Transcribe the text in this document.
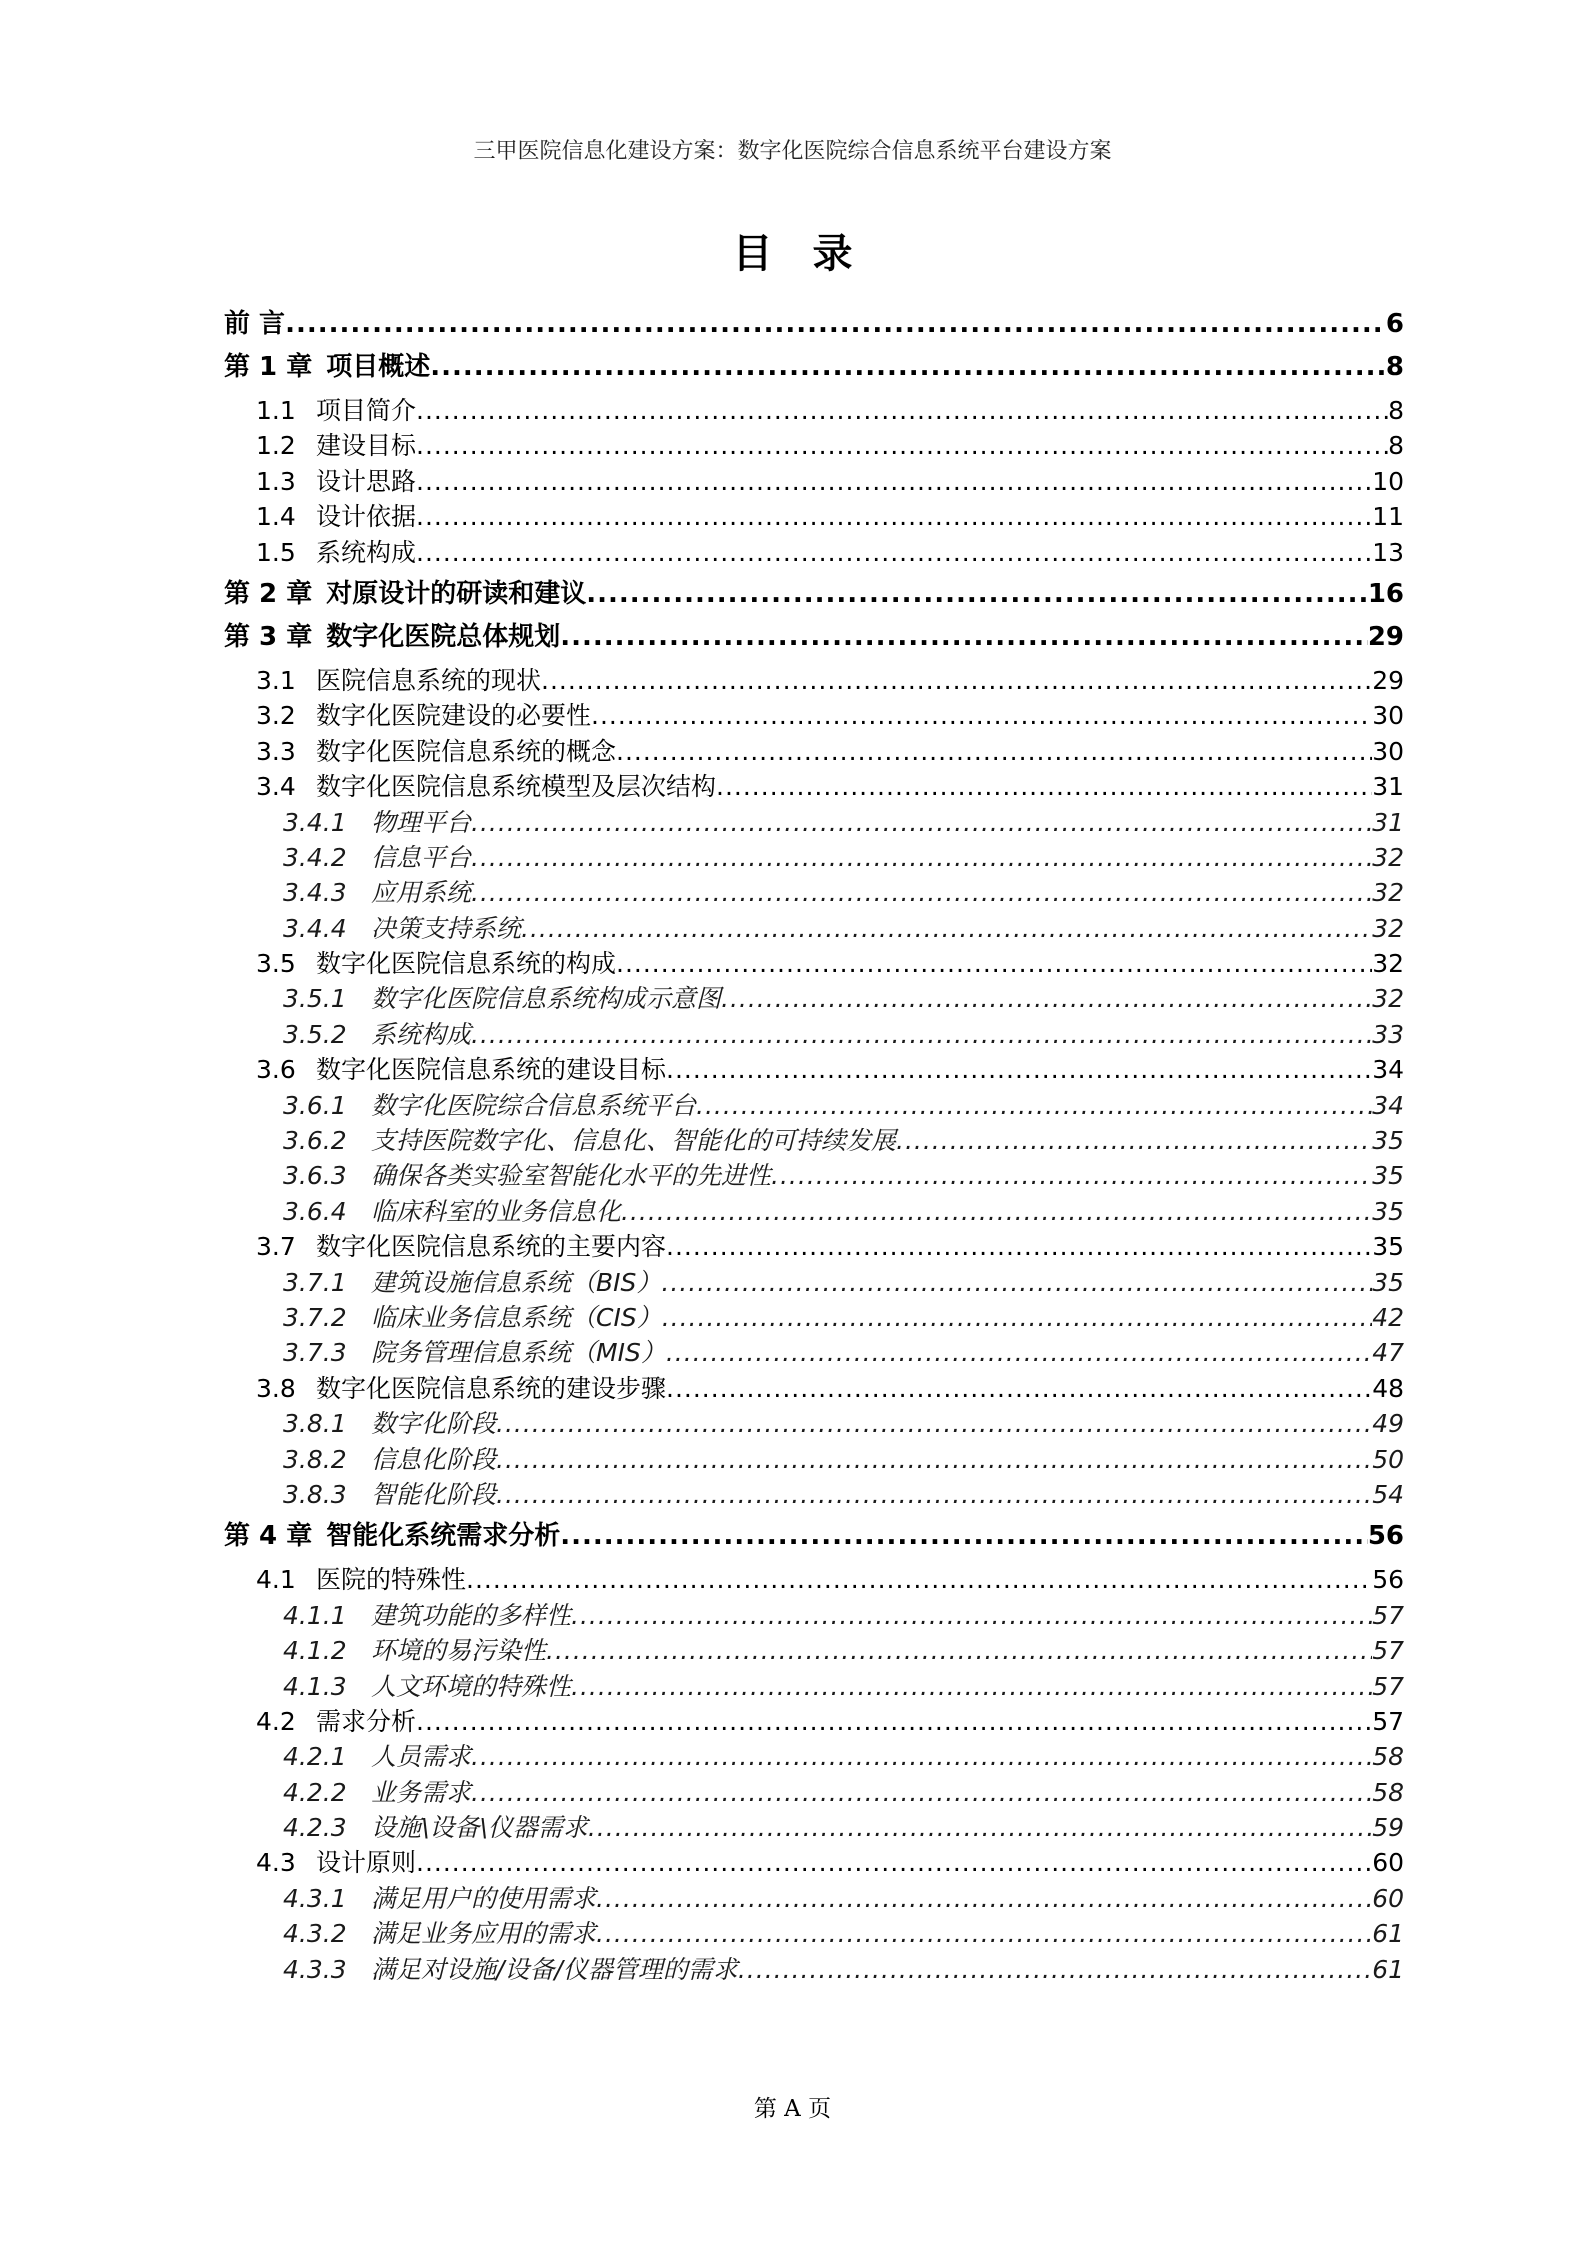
三甲医院信息化建设方案：数字化医院综合信息系统平台建设方案
目录
前 言 .....	6
第 1 章 项目概述 .....	8
1.1 项目简介 .....	8
1.2 建设目标 .....	8
1.3 设计思路 .....	10
1.4 设计依据 .....	11
1.5 系统构成 .....	13
第 2 章 对原设计的研读和建议 .....	16
第 3 章 数字化医院总体规划 .....	29
3.1 医院信息系统的现状 .....	29
3.2 数字化医院建设的必要性 .....	30
3.3 数字化医院信息系统的概念 .....	30
3.4 数字化医院信息系统模型及层次结构 .....	31
3.4.1 物理平台 .....	31
3.4.2 信息平台 .....	32
3.4.3 应用系统 .....	32
3.4.4 决策支持系统 .....	32
3.5 数字化医院信息系统的构成 .....	32
3.5.1 数字化医院信息系统构成示意图 .....	32
3.5.2 系统构成 .....	33
3.6 数字化医院信息系统的建设目标 .....	34
3.6.1 数字化医院综合信息系统平台 .....	34
3.6.2 支持医院数字化、信息化、智能化的可持续发展 .....	35
3.6.3 确保各类实验室智能化水平的先进性 .....	35
3.6.4 临床科室的业务信息化 .....	35
3.7 数字化医院信息系统的主要内容 .....	35
3.7.1 建筑设施信息系统（BIS） .....	35
3.7.2 临床业务信息系统（CIS） .....	42
3.7.3 院务管理信息系统（MIS） .....	47
3.8 数字化医院信息系统的建设步骤 .....	48
3.8.1 数字化阶段 .....	49
3.8.2 信息化阶段 .....	50
3.8.3 智能化阶段 .....	54
第 4 章 智能化系统需求分析 .....	56
4.1 医院的特殊性 .....	56
4.1.1 建筑功能的多样性 .....	57
4.1.2 环境的易污染性 .....	57
4.1.3 人文环境的特殊性 .....	57
4.2 需求分析 .....	57
4.2.1 人员需求 .....	58
4.2.2 业务需求 .....	58
4.2.3 设施\设备\仪器需求 .....	59
4.3 设计原则 .....	60
4.3.1 满足用户的使用需求 .....	60
4.3.2 满足业务应用的需求 .....	61
4.3.3 满足对设施/设备/仪器管理的需求 .....	61
第 A 页
